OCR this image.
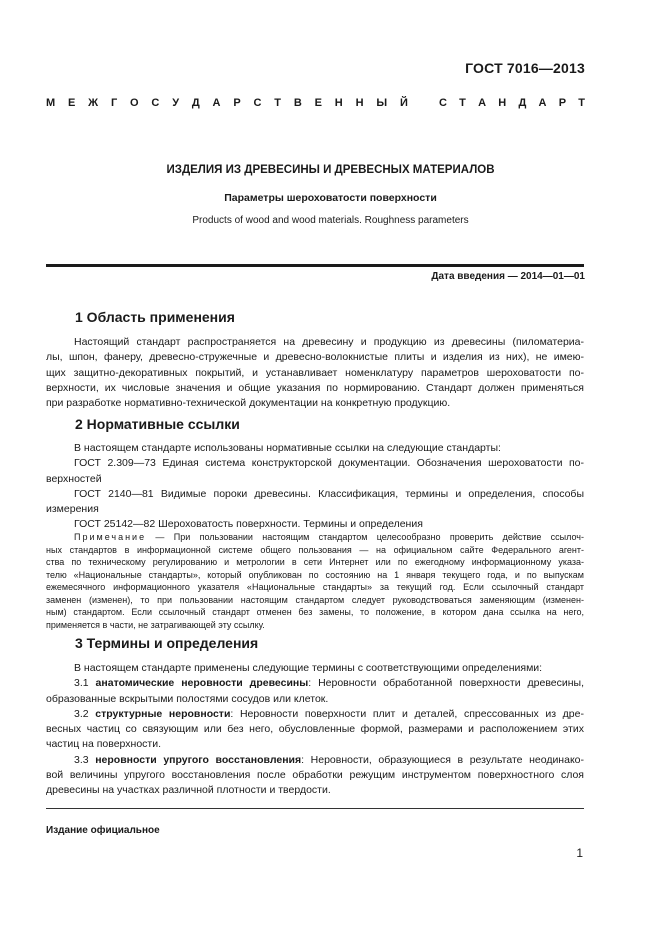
ГОСТ 7016—2013
М Е Ж Г О С У Д А Р С Т В Е Н Н Ы Й	С Т А Н Д А Р Т
ИЗДЕЛИЯ ИЗ ДРЕВЕСИНЫ И ДРЕВЕСНЫХ МАТЕРИАЛОВ
Параметры шероховатости поверхности
Products of wood and wood materials. Roughness parameters
Дата введения — 2014—01—01
1 Область применения
Настоящий стандарт распространяется на древесину и продукцию из древесины (пиломатериа-
лы, шпон, фанеру, древесно-стружечные и древесно-волокнистые плиты и изделия из них), не имею-
щих защитно-декоративных покрытий, и устанавливает номенклатуру параметров шероховатости по-
верхности, их числовые значения и общие указания по нормированию. Стандарт должен применяться
при разработке нормативно-технической документации на конкретную продукцию.
2 Нормативные ссылки
В настоящем стандарте использованы нормативные ссылки на следующие стандарты:
ГОСТ 2.309—73 Единая система конструкторской документации. Обозначения шероховатости по-
верхностей
ГОСТ 2140—81 Видимые пороки древесины. Классификация, термины и определения, способы
измерения
ГОСТ 25142—82 Шероховатость поверхности. Термины и определения
Примечание — При пользовании настоящим стандартом целесообразно проверить действие ссылоч-
ных стандартов в информационной системе общего пользования — на официальном сайте Федерального агент-
ства по техническому регулированию и метрологии в сети Интернет или по ежегодному информационному указа-
телю «Национальные стандарты», который опубликован по состоянию на 1 января текущего года, и по выпускам
ежемесячного информационного указателя «Национальные стандарты» за текущий год. Если ссылочный стандарт
заменен (изменен), то при пользовании настоящим стандартом следует руководствоваться заменяющим (изменен-
ным) стандартом. Если ссылочный стандарт отменен без замены, то положение, в котором дана ссылка на него,
применяется в части, не затрагивающей эту ссылку.
3 Термины и определения
В настоящем стандарте применены следующие термины с соответствующими определениями:
3.1 анатомические неровности древесины: Неровности обработанной поверхности древесины,
образованные вскрытыми полостями сосудов или клеток.
3.2 структурные неровности: Неровности поверхности плит и деталей, спрессованных из дре-
весных частиц со связующим или без него, обусловленные формой, размерами и расположением этих
частиц на поверхности.
3.3 неровности упругого восстановления: Неровности, образующиеся в результате неодинако-
вой величины упругого восстановления после обработки режущим инструментом поверхностного слоя
древесины на участках различной плотности и твердости.
Издание официальное
1
